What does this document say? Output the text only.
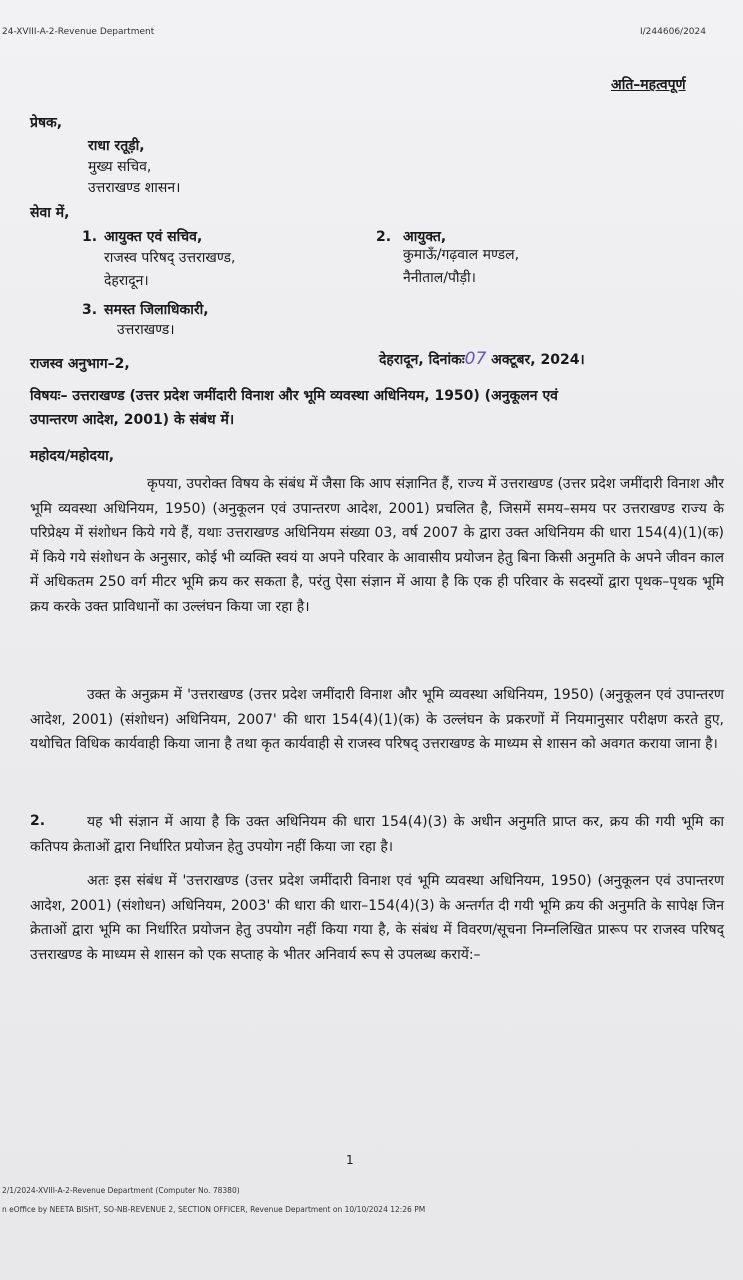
24-XVIII-A-2-Revenue Department	I/244606/2024
अति–महत्वपूर्ण
प्रेषक,
राधा रतूड़ी,
मुख्य सचिव,
उत्तराखण्ड शासन।
सेवा में,
1. आयुक्त एवं सचिव,
राजस्व परिषद् उत्तराखण्ड,
देहरादून।
2. आयुक्त,
कुमाऊँ/गढ़वाल मण्डल,
नैनीताल/पौड़ी।
3. समस्त जिलाधिकारी,
उत्तराखण्ड।
राजस्व अनुभाग–2,	देहरादून, दिनांकः07 अक्टूबर, 2024।
विषयः– उत्तराखण्ड (उत्तर प्रदेश जमींदारी विनाश और भूमि व्यवस्था अधिनियम, 1950) (अनुकूलन एवं
उपान्तरण आदेश, 2001) के संबंध में।
महोदय/महोदया,
कृपया, उपरोक्त विषय के संबंध में जैसा कि आप संज्ञानित हैं, राज्य में उत्तराखण्ड (उत्तर प्रदेश जमींदारी विनाश और भूमि व्यवस्था अधिनियम, 1950) (अनुकूलन एवं उपान्तरण आदेश, 2001) प्रचलित है, जिसमें समय–समय पर उत्तराखण्ड राज्य के परिप्रेक्ष्य में संशोधन किये गये हैं, यथाः उत्तराखण्ड अधिनियम संख्या 03, वर्ष 2007 के द्वारा उक्त अधिनियम की धारा 154(4)(1)(क) में किये गये संशोधन के अनुसार, कोई भी व्यक्ति स्वयं या अपने परिवार के आवासीय प्रयोजन हेतु बिना किसी अनुमति के अपने जीवन काल में अधिकतम 250 वर्ग मीटर भूमि क्रय कर सकता है, परंतु ऐसा संज्ञान में आया है कि एक ही परिवार के सदस्यों द्वारा पृथक–पृथक भूमि क्रय करके उक्त प्राविधानों का उल्लंघन किया जा रहा है।
उक्त के अनुक्रम में 'उत्तराखण्ड (उत्तर प्रदेश जमींदारी विनाश और भूमि व्यवस्था अधिनियम, 1950) (अनुकूलन एवं उपान्तरण आदेश, 2001) (संशोधन) अधिनियम, 2007' की धारा 154(4)(1)(क) के उल्लंघन के प्रकरणों में नियमानुसार परीक्षण करते हुए, यथोचित विधिक कार्यवाही किया जाना है तथा कृत कार्यवाही से राजस्व परिषद् उत्तराखण्ड के माध्यम से शासन को अवगत कराया जाना है।
2.	यह भी संज्ञान में आया है कि उक्त अधिनियम की धारा 154(4)(3) के अधीन अनुमति प्राप्त कर, क्रय की गयी भूमि का कतिपय क्रेताओं द्वारा निर्धारित प्रयोजन हेतु उपयोग नहीं किया जा रहा है।
अतः इस संबंध में 'उत्तराखण्ड (उत्तर प्रदेश जमींदारी विनाश एवं भूमि व्यवस्था अधिनियम, 1950) (अनुकूलन एवं उपान्तरण आदेश, 2001) (संशोधन) अधिनियम, 2003' की धारा की धारा–154(4)(3) के अन्तर्गत दी गयी भूमि क्रय की अनुमति के सापेक्ष जिन क्रेताओं द्वारा भूमि का निर्धारित प्रयोजन हेतु उपयोग नहीं किया गया है, के संबंध में विवरण/सूचना निम्नलिखित प्रारूप पर राजस्व परिषद् उत्तराखण्ड के माध्यम से शासन को एक सप्ताह के भीतर अनिवार्य रूप से उपलब्ध करायें:–
1
2/1/2024-XVIII-A-2-Revenue Department (Computer No. 78380)
n eOffice by NEETA BISHT, SO-NB-REVENUE 2, SECTION OFFICER, Revenue Department on 10/10/2024 12:26 PM
